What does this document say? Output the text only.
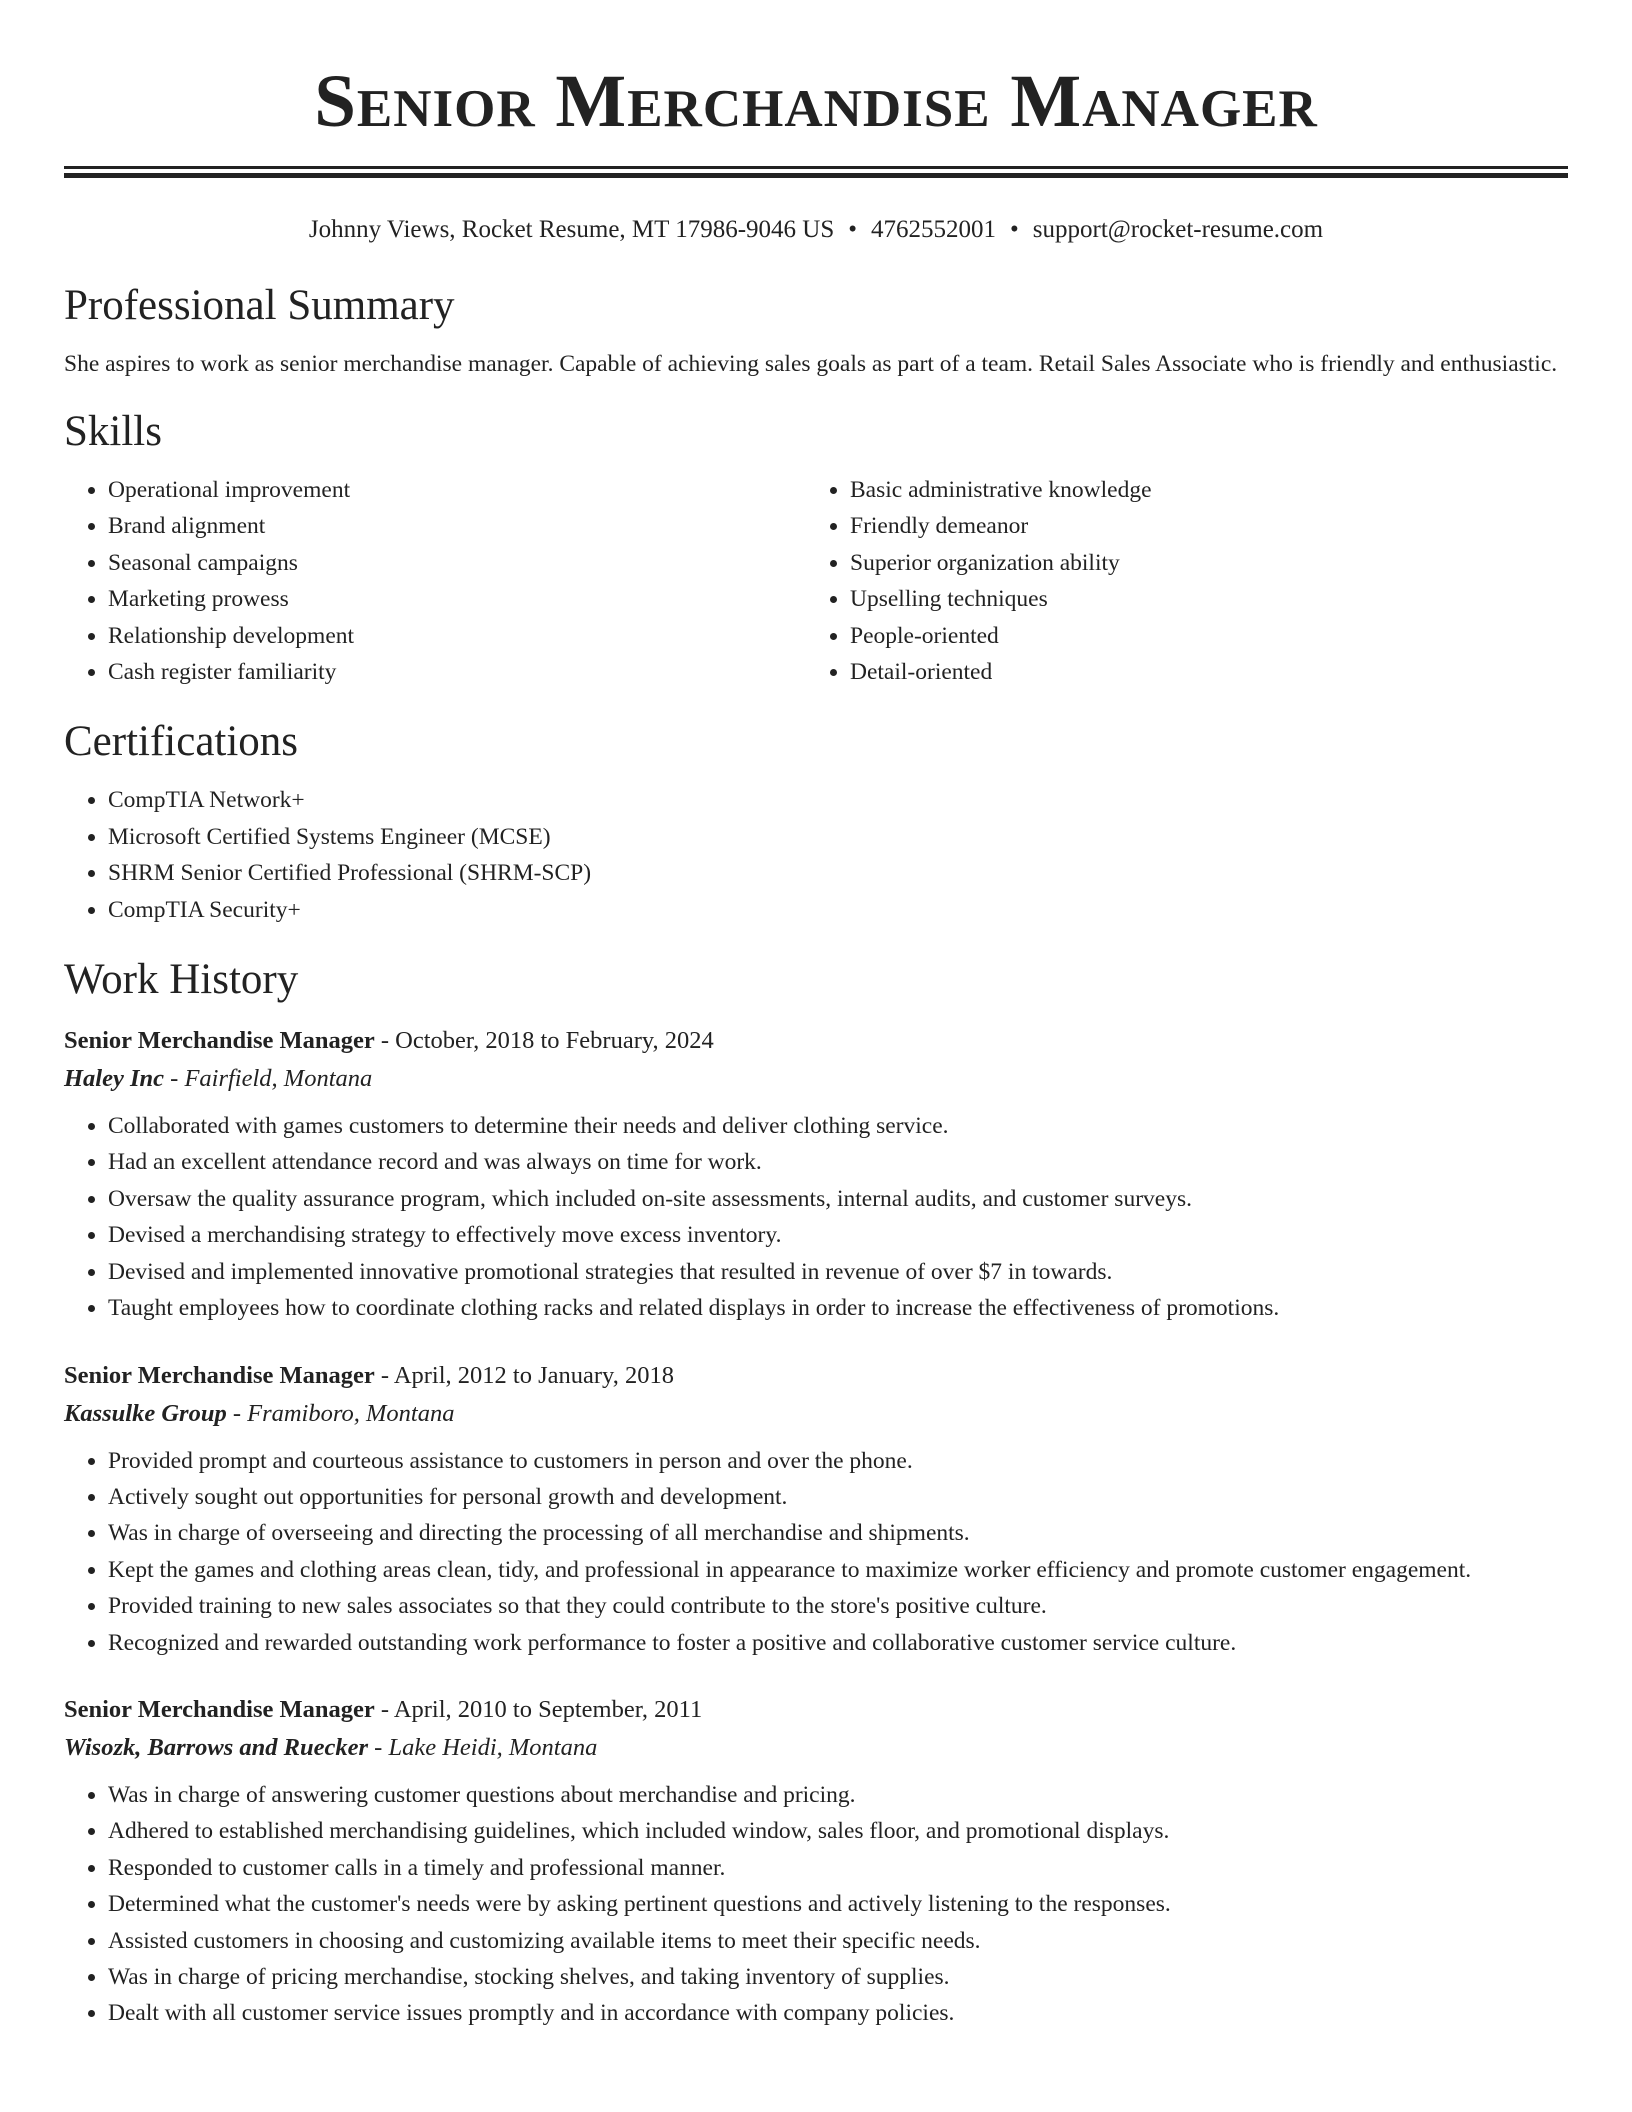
Senior Merchandise Manager
Johnny Views, Rocket Resume, MT 17986-9046 US • 4762552001 • support@rocket-resume.com
Professional Summary

She aspires to work as senior merchandise manager. Capable of achieving sales goals as part of a team. Retail Sales Associate who is friendly and enthusiastic.

Skills
• Operational improvement
• Brand alignment
• Seasonal campaigns
• Marketing prowess
• Relationship development
• Cash register familiarity
• Basic administrative knowledge
• Friendly demeanor
• Superior organization ability
• Upselling techniques
• People-oriented
• Detail-oriented
Certifications
• CompTIA Network+
• Microsoft Certified Systems Engineer (MCSE)
• SHRM Senior Certified Professional (SHRM-SCP)
• CompTIA Security+
Work History

Senior Merchandise Manager - October, 2018 to February, 2024

Haley Inc - Fairfield, Montana

• Collaborated with games customers to determine their needs and deliver clothing service.
• Had an excellent attendance record and was always on time for work.
• Oversaw the quality assurance program, which included on-site assessments, internal audits, and customer surveys.
• Devised a merchandising strategy to effectively move excess inventory.
• Devised and implemented innovative promotional strategies that resulted in revenue of over $7 in towards.
• Taught employees how to coordinate clothing racks and related displays in order to increase the effectiveness of promotions.

Senior Merchandise Manager - April, 2012 to January, 2018

Kassulke Group - Framiboro, Montana

• Provided prompt and courteous assistance to customers in person and over the phone.
• Actively sought out opportunities for personal growth and development.
• Was in charge of overseeing and directing the processing of all merchandise and shipments.
• Kept the games and clothing areas clean, tidy, and professional in appearance to maximize worker efficiency and promote customer engagement.
• Provided training to new sales associates so that they could contribute to the store's positive culture.
• Recognized and rewarded outstanding work performance to foster a positive and collaborative customer service culture.

Senior Merchandise Manager - April, 2010 to September, 2011

Wisozk, Barrows and Ruecker - Lake Heidi, Montana

• Was in charge of answering customer questions about merchandise and pricing.
• Adhered to established merchandising guidelines, which included window, sales floor, and promotional displays.
• Responded to customer calls in a timely and professional manner.
• Determined what the customer's needs were by asking pertinent questions and actively listening to the responses.
• Assisted customers in choosing and customizing available items to meet their specific needs.
• Was in charge of pricing merchandise, stocking shelves, and taking inventory of supplies.
• Dealt with all customer service issues promptly and in accordance with company policies.
